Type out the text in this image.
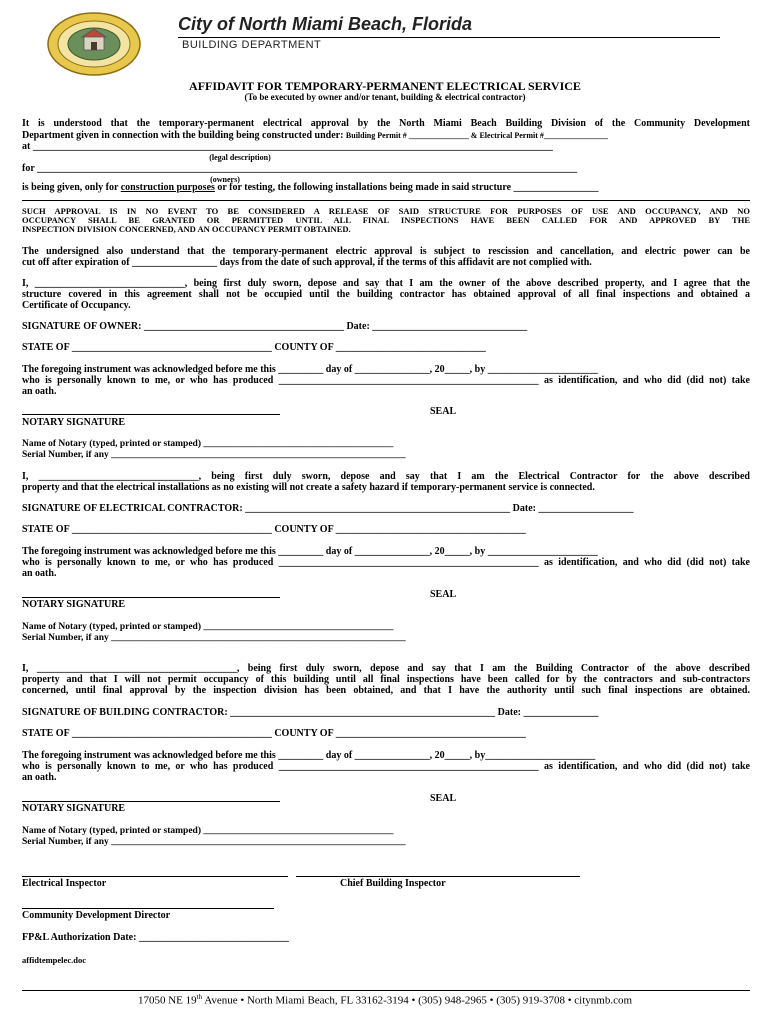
City of North Miami Beach, Florida
BUILDING DEPARTMENT
AFFIDAVIT FOR TEMPORARY-PERMANENT ELECTRICAL SERVICE
(To be executed by owner and/or tenant, building & electrical contractor)
It is understood that the temporary-permanent electrical approval by the North Miami Beach Building Division of the Community Development
Department given in connection with the building being constructed under: Building Permit # _______________ & Electrical Permit #________________
at ________________________________________________________________________________________________________
(legal description)
for ____________________________________________________________________________________________________________
(owners)
is being given, only for construction purposes or for testing, the following installations being made in said structure _________________
SUCH APPROVAL IS IN NO EVENT TO BE CONSIDERED A RELEASE OF SAID STRUCTURE FOR PURPOSES OF USE AND OCCUPANCY, AND NO
OCCUPANCY SHALL BE GRANTED OR PERMITTED UNTIL ALL FINAL INSPECTIONS HAVE BEEN CALLED FOR AND APPROVED BY THE
INSPECTION DIVISION CONCERNED, AND AN OCCUPANCY PERMIT OBTAINED.
The undersigned also understand that the temporary-permanent electric approval is subject to rescission and cancellation, and electric power can be
cut off after expiration of _________________ days from the date of such approval, if the terms of this affidavit are not complied with.
I, ______________________________, being first duly sworn, depose and say that I am the owner of the above described property, and I agree that the
structure covered in this agreement shall not be occupied until the building contractor has obtained approval of all final inspections and obtained a
Certificate of Occupancy.
SIGNATURE OF OWNER: ________________________________________ Date: _______________________________
STATE OF ________________________________________ COUNTY OF ______________________________
The foregoing instrument was acknowledged before me this _________ day of _______________, 20_____, by ______________________
who is personally known to me, or who has produced ____________________________________________________ as identification, and who did (did not) take
an oath.
SEAL
NOTARY SIGNATURE
Name of Notary (typed, printed or stamped) ________________________________________
Serial Number, if any ______________________________________________________________
I, ________________________________, being first duly sworn, depose and say that I am the Electrical Contractor for the above described
property and that the electrical installations as no existing will not create a safety hazard if temporary-permanent service is connected.
SIGNATURE OF ELECTRICAL CONTRACTOR: _____________________________________________________ Date: ___________________
STATE OF ________________________________________ COUNTY OF ______________________________________
The foregoing instrument was acknowledged before me this _________ day of _______________, 20_____, by ______________________
who is personally known to me, or who has produced ____________________________________________________ as identification, and who did (did not) take
an oath.
SEAL
NOTARY SIGNATURE
Name of Notary (typed, printed or stamped) ________________________________________
Serial Number, if any ______________________________________________________________
I, ________________________________________, being first duly sworn, depose and say that I am the Building Contractor of the above described
property and that I will not permit occupancy of this building until all final inspections have been called for by the contractors and sub-contractors
concerned, until final approval by the inspection division has been obtained, and that I have the authority until such final inspections are obtained.
SIGNATURE OF BUILDING CONTRACTOR: _____________________________________________________ Date: _______________
STATE OF ________________________________________ COUNTY OF ______________________________________
The foregoing instrument was acknowledged before me this _________ day of _______________, 20_____, by______________________
who is personally known to me, or who has produced ____________________________________________________ as identification, and who did (did not) take
an oath.
SEAL
NOTARY SIGNATURE
Name of Notary (typed, printed or stamped) ________________________________________
Serial Number, if any ______________________________________________________________
Electrical Inspector	Chief Building Inspector
Community Development Director
FP&L Authorization Date: ______________________________
affidtempelec.doc
17050 NE 19th Avenue • North Miami Beach, FL 33162-3194 • (305) 948-2965 • (305) 919-3708 • citynmb.com
